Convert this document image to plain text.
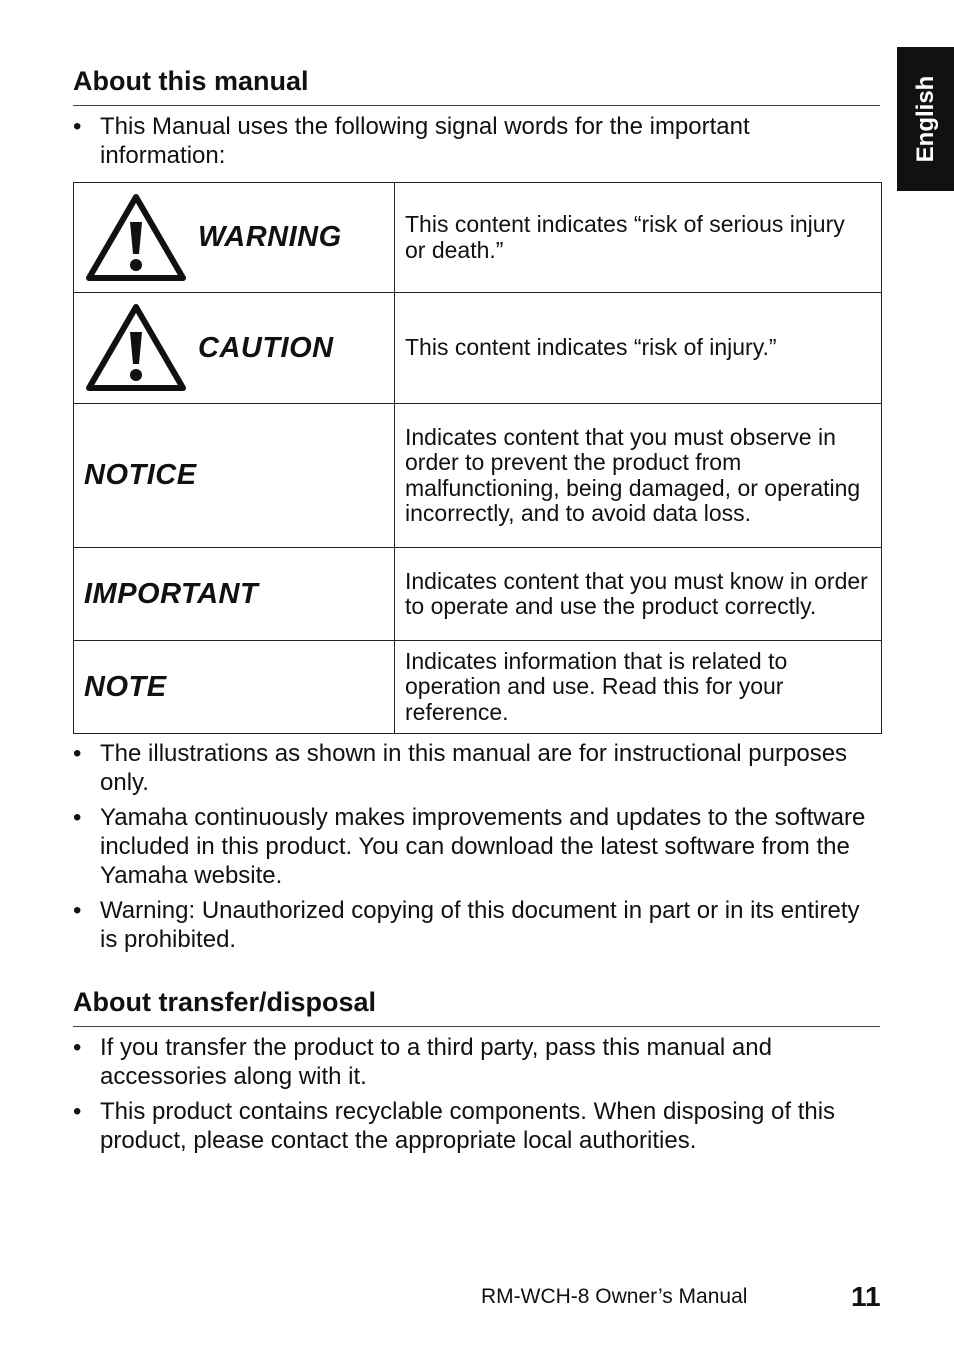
English
About this manual
• This Manual uses the following signal words for the important information:
WARNING	This content indicates “risk of serious injury or death.”

CAUTION	This content indicates “risk of injury.”
NOTICE	Indicates content that you must observe in order to prevent the product from malfunctioning, being damaged, or operating incorrectly, and to avoid data loss.
IMPORTANT	Indicates content that you must know in order to operate and use the product correctly.
NOTE	Indicates information that is related to operation and use. Read this for your reference.
• The illustrations as shown in this manual are for instructional purposes only.
• Yamaha continuously makes improvements and updates to the software included in this product. You can download the latest software from the Yamaha website.
• Warning: Unauthorized copying of this document in part or in its entirety is prohibited.
About transfer/disposal
• If you transfer the product to a third party, pass this manual and accessories along with it.
• This product contains recyclable components. When disposing of this product, please contact the appropriate local authorities.
RM-WCH-8 Owner’s Manual	11
